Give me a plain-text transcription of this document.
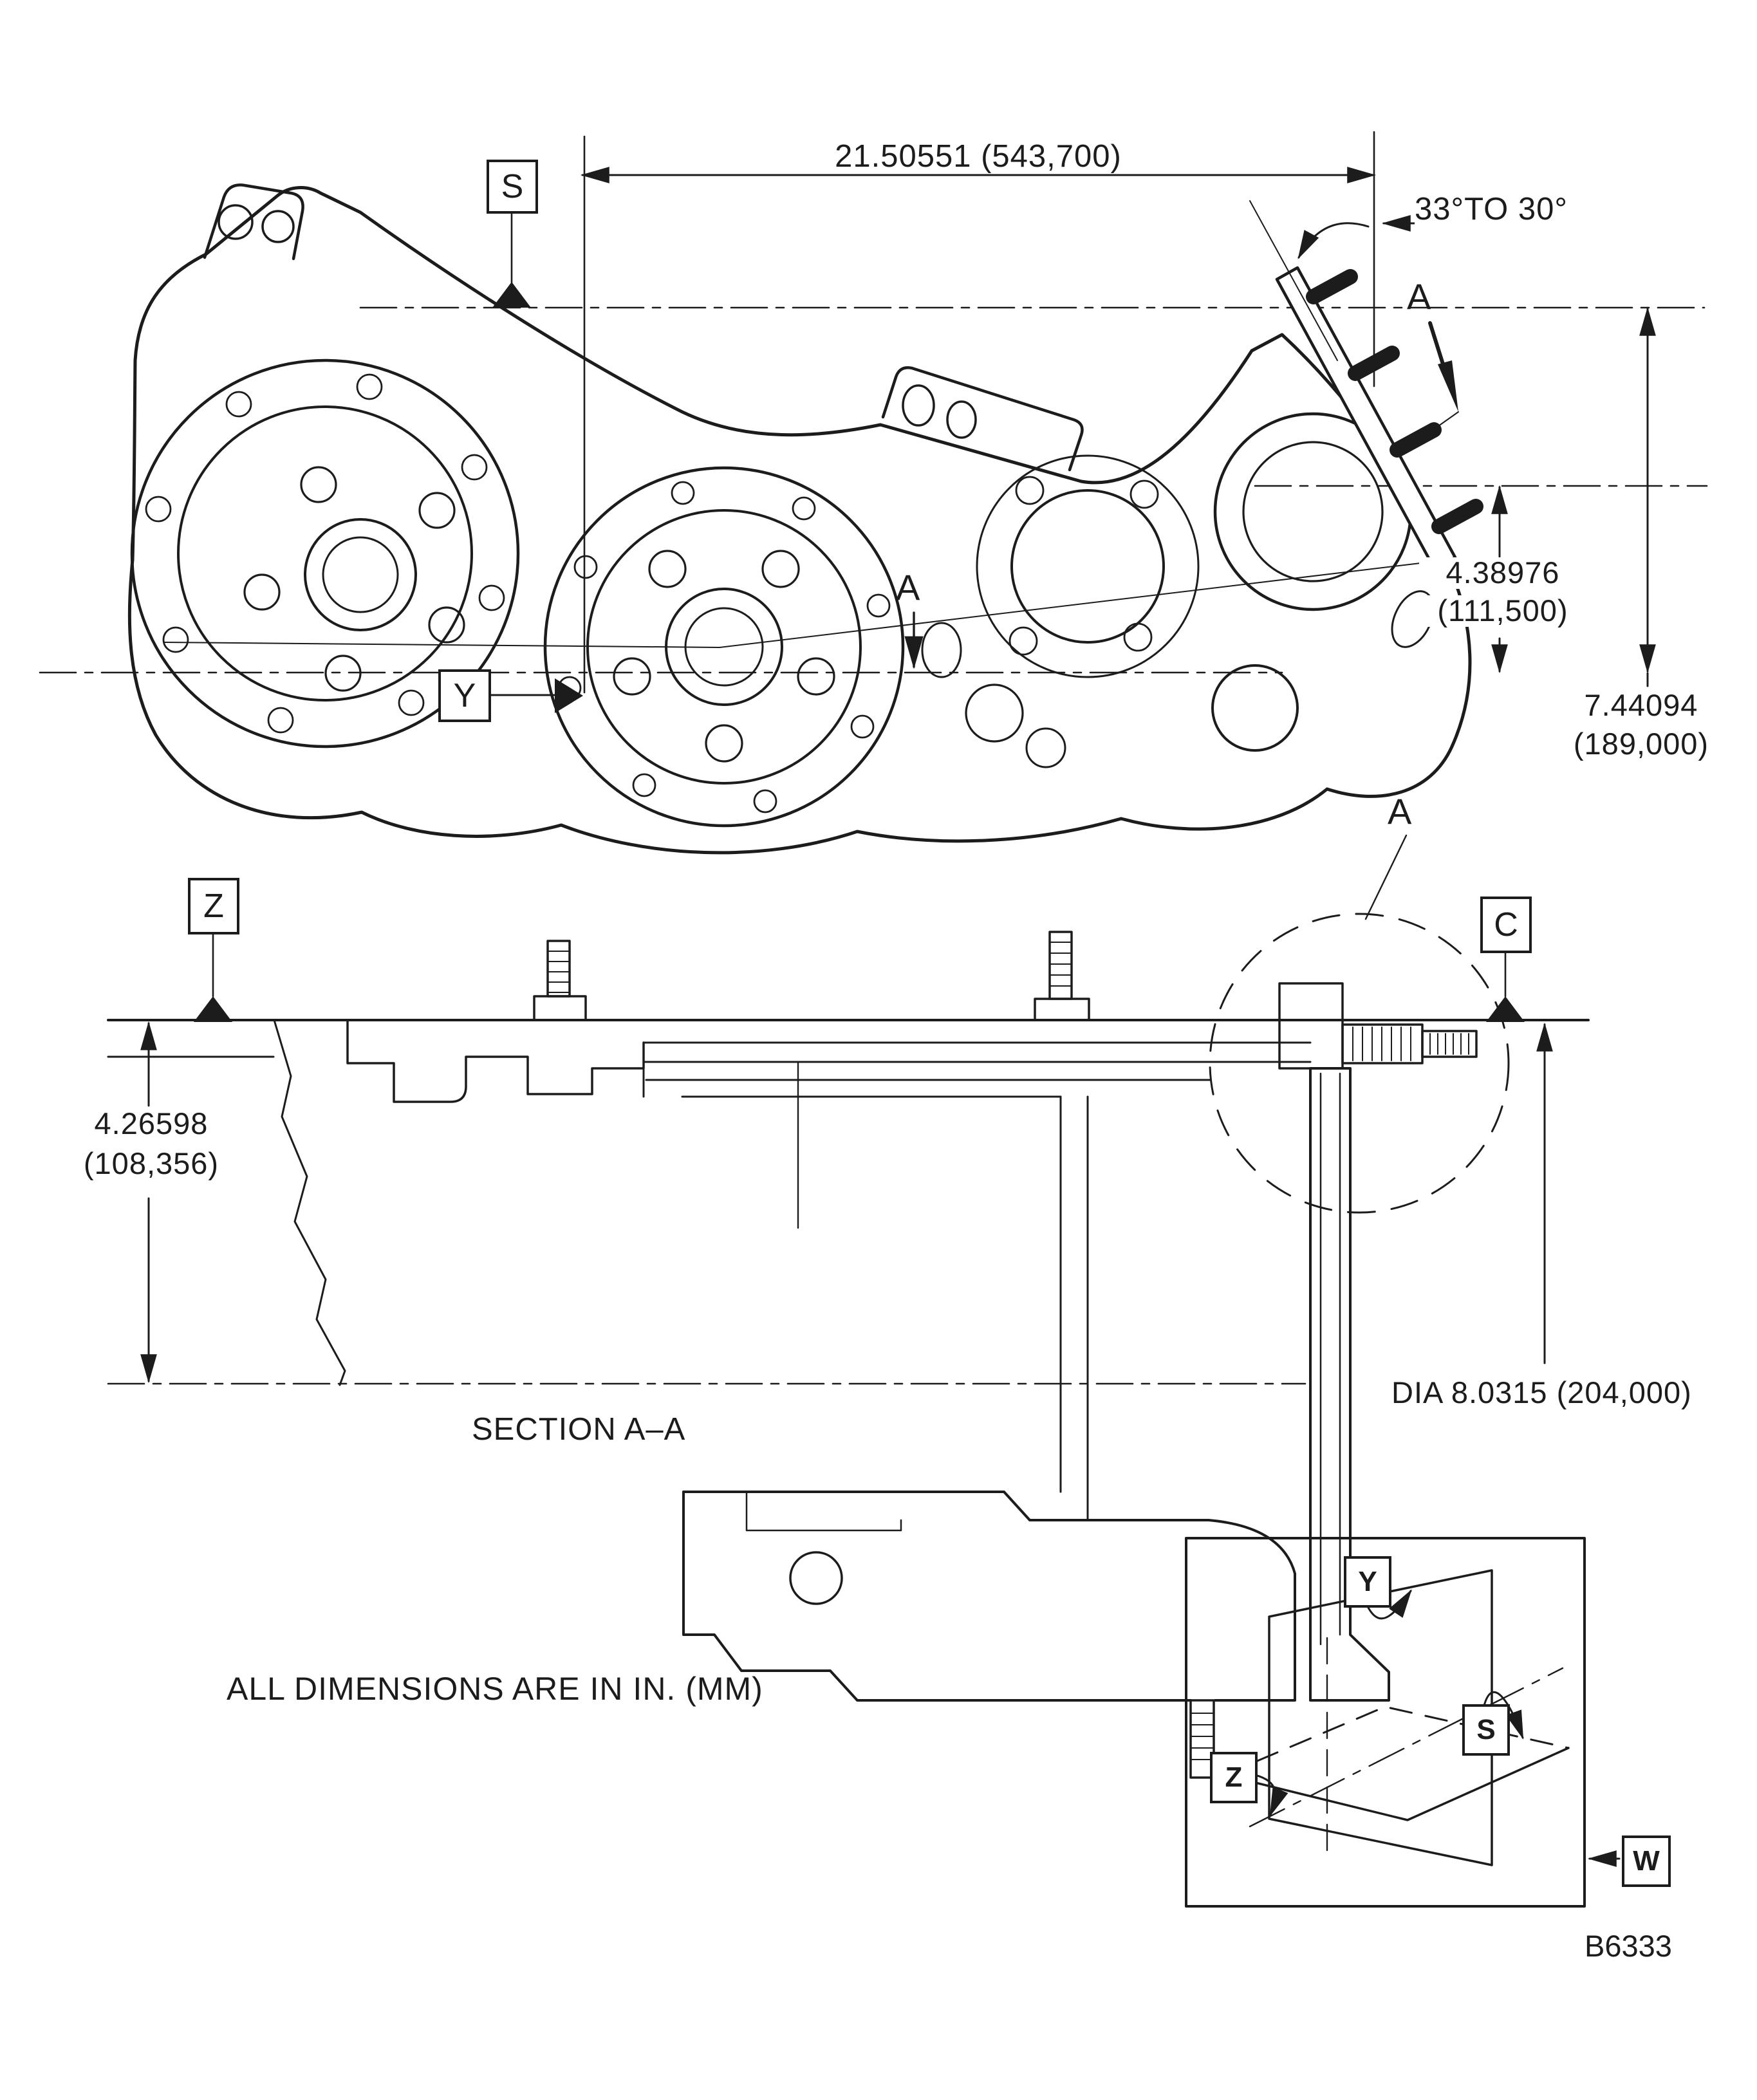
S
Y
21.50551 (543,700)
33°TO 30°
A
A
4.38976
(111,500)
7.44094
(189,000)
Z	C
A
4.26598
(108,356)
DIA 8.0315 (204,000)
SECTION A–A
Y
S
Z
W
ALL DIMENSIONS ARE IN IN. (MM)
B6333
